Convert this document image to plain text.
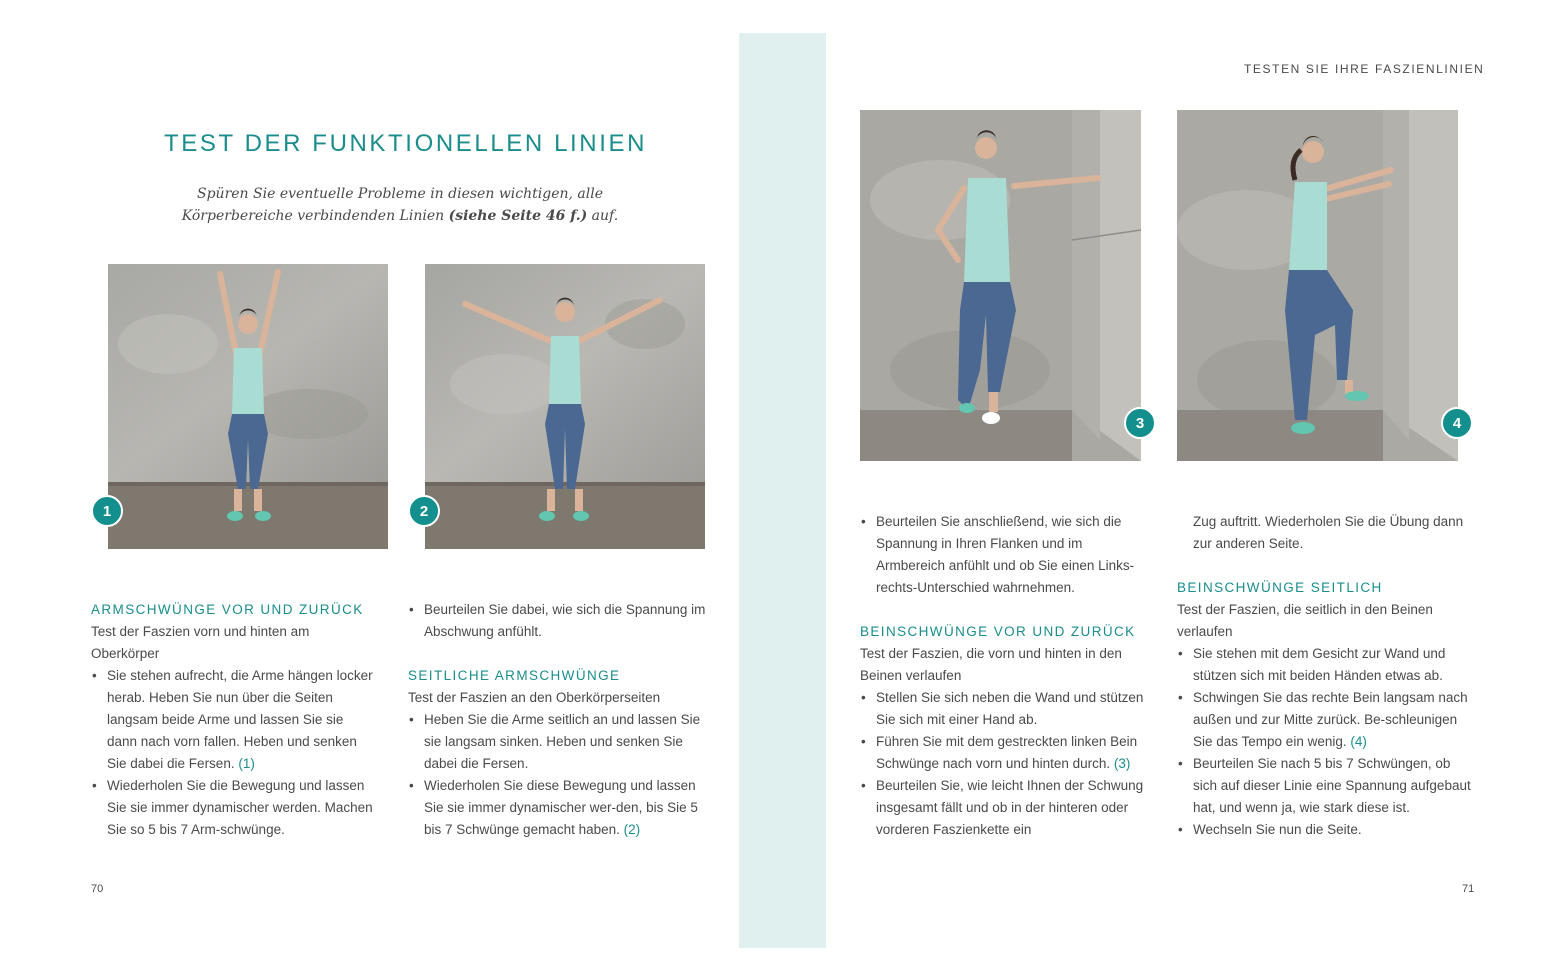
TESTEN SIE IHRE FASZIENLINIEN
TEST DER FUNKTIONELLEN LINIEN
Spüren Sie eventuelle Probleme in diesen wichtigen, alle Körperbereiche verbindenden Linien (siehe Seite 46 f.) auf.
1	2
3	4
ARMSCHWÜNGE VOR UND ZURÜCK

Test der Faszien vorn und hinten am Oberkörper

• Sie stehen aufrecht, die Arme hängen locker herab. Heben Sie nun über die Seiten langsam beide Arme und lassen Sie sie dann nach vorn fallen. Heben und senken Sie dabei die Fersen. (1)
• Wiederholen Sie die Bewegung und lassen Sie sie immer dynamischer werden. Machen Sie so 5 bis 7 Arm-schwünge.
• Beurteilen Sie dabei, wie sich die Spannung im Abschwung anfühlt.
SEITLICHE ARMSCHWÜNGE

Test der Faszien an den Oberkörperseiten

• Heben Sie die Arme seitlich an und lassen Sie sie langsam sinken. Heben und senken Sie dabei die Fersen.
• Wiederholen Sie diese Bewegung und lassen Sie sie immer dynamischer wer-den, bis Sie 5 bis 7 Schwünge gemacht haben. (2)
• Beurteilen Sie anschließend, wie sich die Spannung in Ihren Flanken und im Armbereich anfühlt und ob Sie einen Links-rechts-Unterschied wahrnehmen.
BEINSCHWÜNGE VOR UND ZURÜCK

Test der Faszien, die vorn und hinten in den Beinen verlaufen

• Stellen Sie sich neben die Wand und stützen Sie sich mit einer Hand ab.
• Führen Sie mit dem gestreckten linken Bein Schwünge nach vorn und hinten durch. (3)
• Beurteilen Sie, wie leicht Ihnen der Schwung insgesamt fällt und ob in der hinteren oder vorderen Faszienkette ein

Zug auftritt. Wiederholen Sie die Übung dann zur anderen Seite.

BEINSCHWÜNGE SEITLICH

Test der Faszien, die seitlich in den Beinen verlaufen

• Sie stehen mit dem Gesicht zur Wand und stützen sich mit beiden Händen etwas ab.
• Schwingen Sie das rechte Bein langsam nach außen und zur Mitte zurück. Be-schleunigen Sie das Tempo ein wenig. (4)
• Beurteilen Sie nach 5 bis 7 Schwüngen, ob sich auf dieser Linie eine Spannung aufgebaut hat, und wenn ja, wie stark diese ist.
• Wechseln Sie nun die Seite.
70	71
